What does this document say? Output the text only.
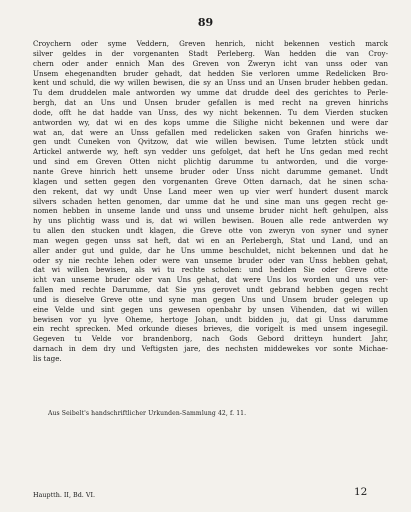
89
Croychern oder syme Veddern, Greven henrich, nicht bekennen vestich marck
silver geldes in der vorgenanten Stadt Perleberg. Wan hedden die van Croy-
chern oder ander ennich Man des Greven von Zweryn icht van unss oder van
Unsem ehegenandten bruder gehadt, dat hedden Sie verloren umme Redelicken Bro-
kent und schuld, die wy willen bewisen, die sy an Unss und an Unsen bruder hebben gedan.
Tu dem druddelen male antworden wy umme dat drudde deel des gerichtes to Perle-
bergh, dat an Uns und Unsen bruder gefallen is med recht na greven hinrichs
dode, offt he dat hadde van Unss, des wy nicht bekennen. Tu dem Vierden stucken
antworden wy, dat wi en des kops umme die Silighe nicht bekennen und were dar
wat an, dat were an Unss gefallen med redelicken saken von Grafen hinrichs we-
gen undt Cuneken von Qvitzow, dat wie willen bewisen. Tume letzten stück undt
Artickel antwerde wy, heft syn vedder uns gefolget, dat heft he Uns gedan med recht
und sind em Greven Otten nicht plichtig darumme tu antworden, und die vorge-
nante Greve hinrich hett unseme bruder oder Unss nicht darumme gemanet. Undt
klagen und setten gegen den vorgenanten Greve Otten darnach, dat he sinen scha-
den rekent, dat wy undt Unse Land meer wen up vier werf hundert dusent marck
silvers schaden hetten genomen, dar umme dat he und sine man uns gegen recht ge-
nomen hebben in unseme lande und unss und unseme bruder nicht heft gehulpen, alss
hy uns plichtig wass und is, dat wi willen bewisen. Bouen alle rede antwerden wy
tu allen den stucken undt klagen, die Greve otte von zweryn von syner und syner
man wegen gegen unss sat heft, dat wi en an Perlebergh, Stat und Land, und an
aller ander gut und gulde, dar he Uns umme beschuldet, nicht bekennen und dat he
oder sy nie rechte lehen oder were van unseme bruder oder van Unss hebben gehat,
dat wi willen bewisen, als wi tu rechte scholen: und hedden Sie oder Greve otte
icht van unseme bruder oder van Uns gehat, dat were Uns los worden und uns ver-
fallen med rechte Darumme, dat Sie yns gerovet undt gebrand hebben gegen recht
und is dieselve Greve otte und syne man gegen Uns und Unsem bruder gelegen up
eine Velde und sint gegen uns gewesen openbahr by unsen Vihenden, dat wi willen
bewisen vor yu lyve Oheme, hertoge Johan, undt bidden ju, dat gi Unss darumme
ein recht sprecken. Med orkunde dieses brieves, die vorigelt is med unsem ingesegil.
Gegeven tu Velde vor brandenborg, nach Gods Gebord dritteyn hundert Jahr,
darnach in dem dry und Veftigsten jare, des nechsten middewekes vor sonte Michae-
lis tage.
Aus Seibelt's handschriftlicher Urkunden-Sammlung 42, f. 11.
Hauptth. II, Bd. VI.	12
